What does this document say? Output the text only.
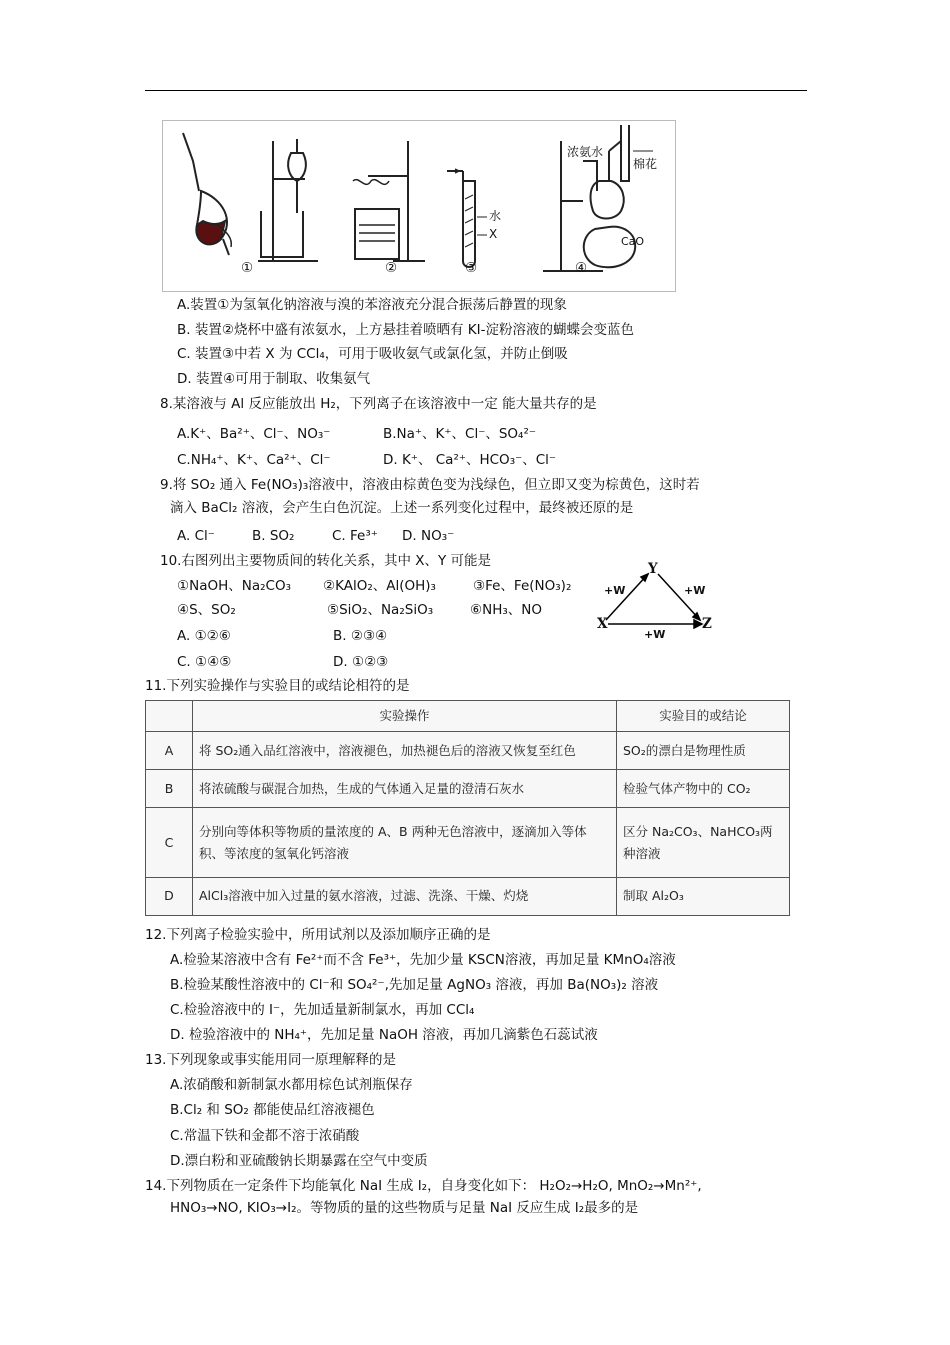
①	②	③	④
水
X
浓氨水
棉花
CaO
A.装置①为氢氧化钠溶液与溴的苯溶液充分混合振荡后静置的现象
B. 装置②烧杯中盛有浓氨水，上方悬挂着喷晒有 KI-淀粉溶液的蝴蝶会变蓝色
C. 装置③中若 X 为 CCl₄，可用于吸收氨气或氯化氢，并防止倒吸
D. 装置④可用于制取、收集氨气
8.某溶液与 Al 反应能放出 H₂，下列离子在该溶液中一定 能大量共存的是
A.K⁺、Ba²⁺、Cl⁻、NO₃⁻	B.Na⁺、K⁺、Cl⁻、SO₄²⁻
C.NH₄⁺、K⁺、Ca²⁺、Cl⁻	D. K⁺、 Ca²⁺、HCO₃⁻、Cl⁻
9.将 SO₂ 通入 Fe(NO₃)₃溶液中，溶液由棕黄色变为浅绿色，但立即又变为棕黄色，这时若
滴入 BaCl₂ 溶液，会产生白色沉淀。上述一系列变化过程中，最终被还原的是
A. Cl⁻	B. SO₂	C. Fe³⁺ D. NO₃⁻
10.右图列出主要物质间的转化关系，其中 X、Y 可能是
①NaOH、Na₂CO₃ ②KAlO₂、Al(OH)₃	③Fe、Fe(NO₃)₂
④S、SO₂	⑤SiO₂、Na₂SiO₃	⑥NH₃、NO
A. ①②⑥	B. ②③④
C. ①④⑤	D. ①②③
X
Y
Z
+W	+W
+W
11.下列实验操作与实验目的或结论相符的是
	实验操作	实验目的或结论
A	将 SO₂通入品红溶液中，溶液褪色，加热褪色后的溶液又恢复至红色	SO₂的漂白是物理性质
B	将浓硫酸与碳混合加热，生成的气体通入足量的澄清石灰水	检验气体产物中的 CO₂
C	分别向等体积等物质的量浓度的 A、B 两种无色溶液中，逐滴加入等体积、等浓度的氢氧化钙溶液	区分 Na₂CO₃、NaHCO₃两种溶液
D	AlCl₃溶液中加入过量的氨水溶液，过滤、洗涤、干燥、灼烧	制取 Al₂O₃
12.下列离子检验实验中，所用试剂以及添加顺序正确的是
A.检验某溶液中含有 Fe²⁺而不含 Fe³⁺，先加少量 KSCN溶液，再加足量 KMnO₄溶液
B.检验某酸性溶液中的 Cl⁻和 SO₄²⁻,先加足量 AgNO₃ 溶液，再加 Ba(NO₃)₂ 溶液
C.检验溶液中的 I⁻，先加适量新制氯水，再加 CCl₄
D. 检验溶液中的 NH₄⁺，先加足量 NaOH 溶液，再加几滴紫色石蕊试液
13.下列现象或事实能用同一原理解释的是
A.浓硝酸和新制氯水都用棕色试剂瓶保存
B.Cl₂ 和 SO₂ 都能使品红溶液褪色
C.常温下铁和金都不溶于浓硝酸
D.漂白粉和亚硫酸钠长期暴露在空气中变质
14.下列物质在一定条件下均能氧化 NaI 生成 I₂，自身变化如下： H₂O₂→H₂O, MnO₂→Mn²⁺,
HNO₃→NO, KIO₃→I₂。等物质的量的这些物质与足量 NaI 反应生成 I₂最多的是
